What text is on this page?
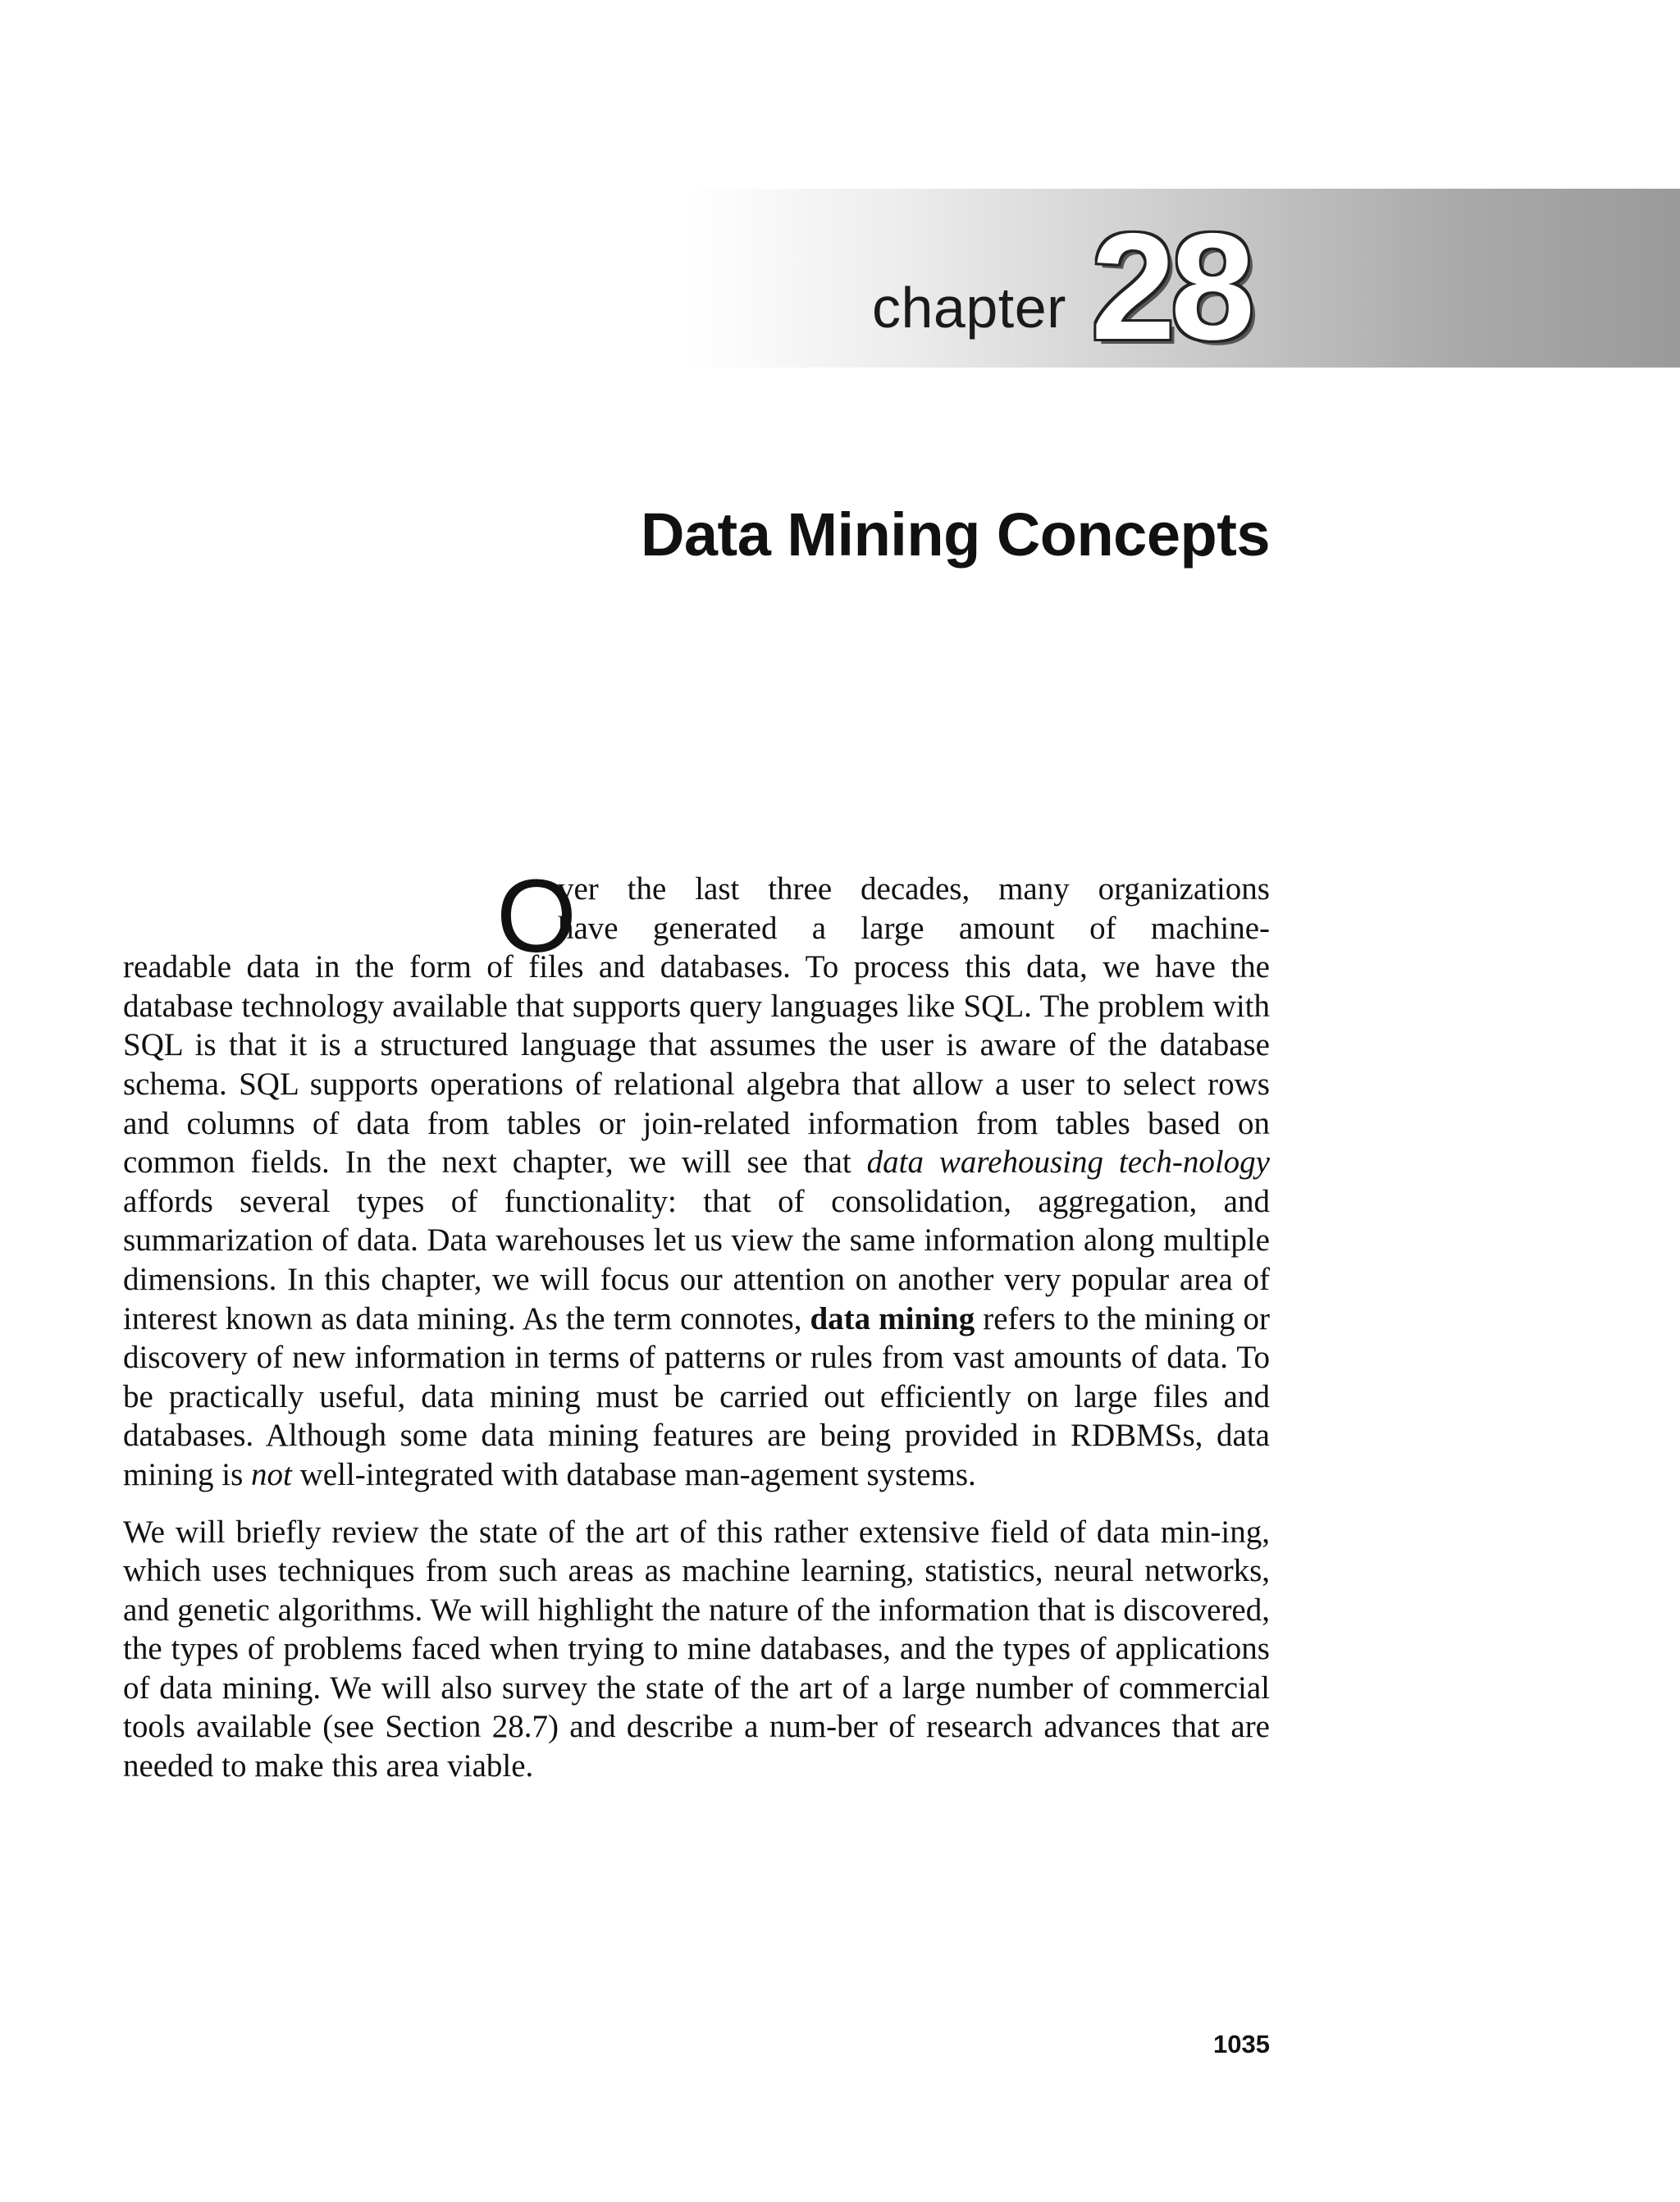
chapter 28
Data Mining Concepts

O
ver the last three decades, many organizations
have generated a large amount of machine-
readable data in the form of files and databases. To process this data, we have the database technology available that supports query languages like SQL. The problem with SQL is that it is a structured language that assumes the user is aware of the database schema. SQL supports operations of relational algebra that allow a user to select rows and columns of data from tables or join-related information from tables based on common fields. In the next chapter, we will see that data warehousing tech-nology affords several types of functionality: that of consolidation, aggregation, and summarization of data. Data warehouses let us view the same information along multiple dimensions. In this chapter, we will focus our attention on another very popular area of interest known as data mining. As the term connotes, data mining refers to the mining or discovery of new information in terms of patterns or rules from vast amounts of data. To be practically useful, data mining must be carried out efficiently on large files and databases. Although some data mining features are being provided in RDBMSs, data mining is not well-integrated with database man-agement systems.

We will briefly review the state of the art of this rather extensive field of data min-ing, which uses techniques from such areas as machine learning, statistics, neural networks, and genetic algorithms. We will highlight the nature of the information that is discovered, the types of problems faced when trying to mine databases, and the types of applications of data mining. We will also survey the state of the art of a large number of commercial tools available (see Section 28.7) and describe a num-ber of research advances that are needed to make this area viable.

1035
